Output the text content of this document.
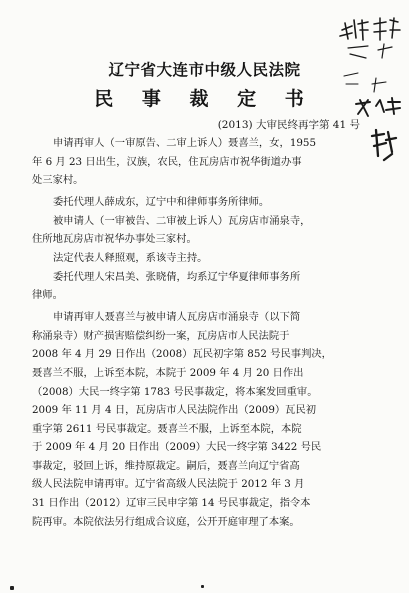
辽宁省大连市中级人民法院
民 事 裁 定 书
(2013) 大审民终再字第 41 号
申请再审人（一审原告、二审上诉人）聂喜兰，女，1955
年 6 月 23 日出生，汉族，农民，住瓦房店市祝华街道办事
处三家村。
委托代理人薛成东，辽宁中和律师事务所律师。
被申请人（一审被告、二审被上诉人）瓦房店市涌泉寺，
住所地瓦房店市祝华办事处三家村。
法定代表人释照观，系该寺主持。
委托代理人宋昌美、张晓倩，均系辽宁华夏律师事务所
律师。
申请再审人聂喜兰与被申请人瓦房店市涌泉寺（以下简
称涌泉寺）财产损害赔偿纠纷一案，瓦房店市人民法院于
2008 年 4 月 29 日作出（2008）瓦民初字第 852 号民事判决，
聂喜兰不服，上诉至本院，本院于 2009 年 4 月 20 日作出
（2008）大民一终字第 1783 号民事裁定，将本案发回重审。
2009 年 11 月 4 日，瓦房店市人民法院作出（2009）瓦民初
重字第 2611 号民事裁定。聂喜兰不服，上诉至本院，本院
于 2009 年 4 月 20 日作出（2009）大民一终字第 3422 号民
事裁定，驳回上诉，维持原裁定。嗣后，聂喜兰向辽宁省高
级人民法院申请再审。辽宁省高级人民法院于 2012 年 3 月
31 日作出（2012）辽审三民申字第 14 号民事裁定，指令本
院再审。本院依法另行组成合议庭，公开开庭审理了本案。
